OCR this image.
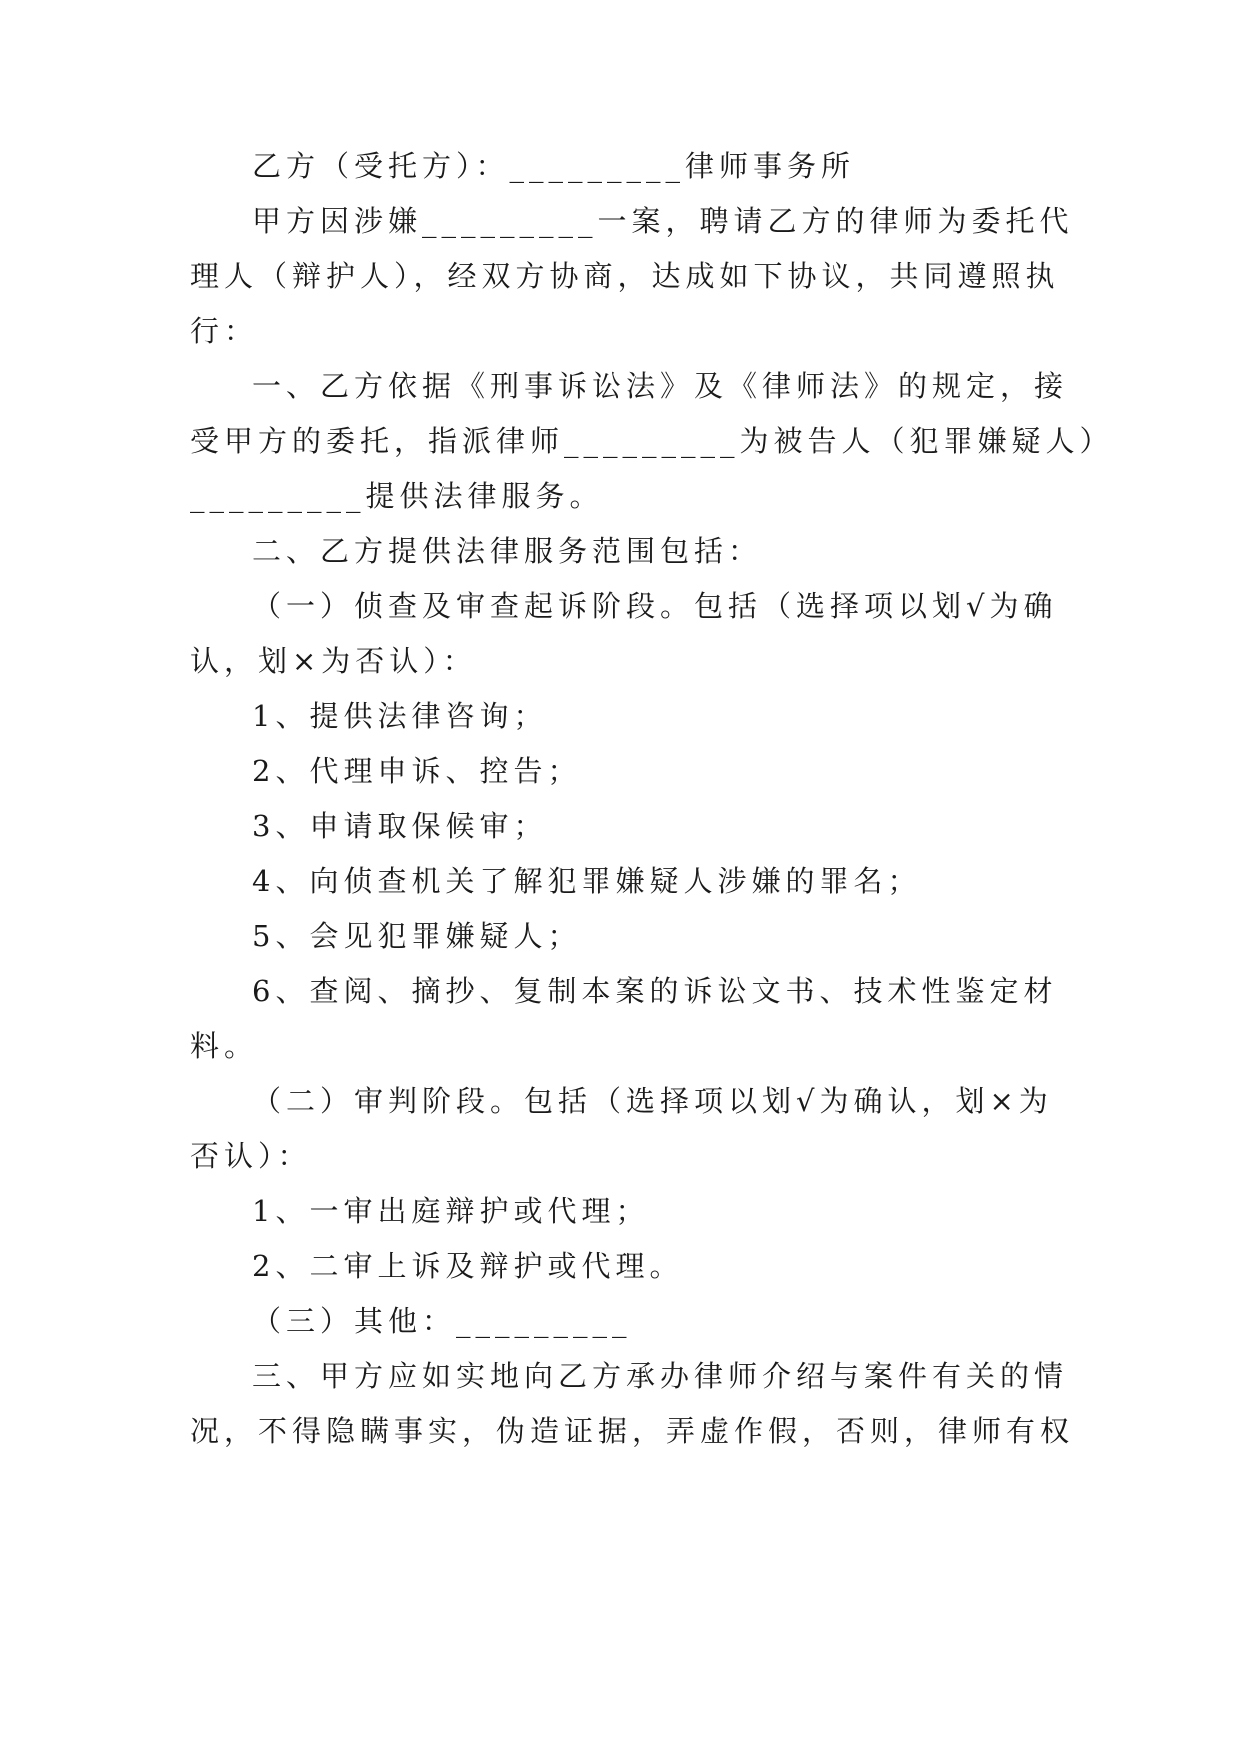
乙方（受托方）：_________律师事务所
甲方因涉嫌_________一案，聘请乙方的律师为委托代
理人（辩护人），经双方协商，达成如下协议，共同遵照执
行：
一、乙方依据《刑事诉讼法》及《律师法》的规定，接
受甲方的委托，指派律师_________为被告人（犯罪嫌疑人）
_________提供法律服务。
二、乙方提供法律服务范围包括：
（一）侦查及审查起诉阶段。包括（选择项以划√为确
认，划×为否认）：
1、提供法律咨询；
2、代理申诉、控告；
3、申请取保候审；
4、向侦查机关了解犯罪嫌疑人涉嫌的罪名；
5、会见犯罪嫌疑人；
6、查阅、摘抄、复制本案的诉讼文书、技术性鉴定材
料。
（二）审判阶段。包括（选择项以划√为确认，划×为
否认）：
1、一审出庭辩护或代理；
2、二审上诉及辩护或代理。
（三）其他：_________
三、甲方应如实地向乙方承办律师介绍与案件有关的情
况，不得隐瞒事实，伪造证据，弄虚作假，否则，律师有权
